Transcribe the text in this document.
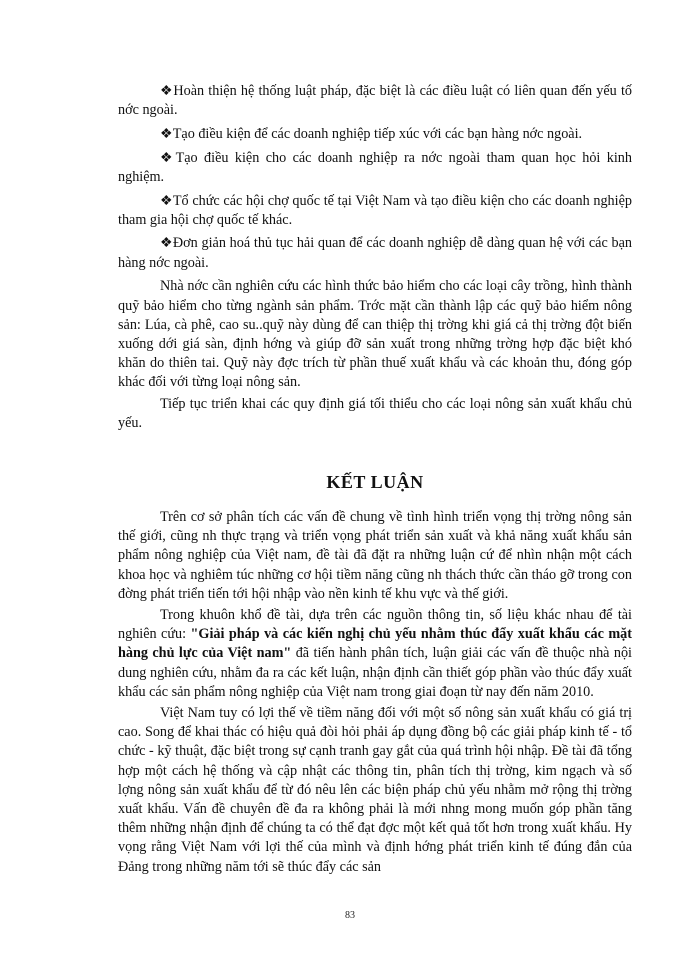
❖Hoàn thiện hệ thống luật pháp, đặc biệt là các điều luật có liên quan đến yếu tố nớc ngoài.

❖Tạo điều kiện để các doanh nghiệp tiếp xúc với các bạn hàng nớc ngoài.

❖Tạo điều kiện cho các doanh nghiệp ra nớc ngoài tham quan học hỏi kinh nghiệm.

❖Tổ chức các hội chợ quốc tế tại Việt Nam và tạo điều kiện cho các doanh nghiệp tham gia hội chợ quốc tế khác.

❖Đơn giản hoá thủ tục hải quan để các doanh nghiệp dễ dàng quan hệ với các bạn hàng nớc ngoài.

Nhà nớc cần nghiên cứu các hình thức bảo hiểm cho các loại cây trồng, hình thành quỹ bảo hiểm cho từng ngành sản phẩm. Trớc mặt cần thành lập các quỹ bảo hiểm nông sản: Lúa, cà phê, cao su..quỹ này dùng để can thiệp thị trờng khi giá cả thị trờng đột biến xuống dới giá sàn, định hớng và giúp đỡ sản xuất trong những trờng hợp đặc biệt khó khăn do thiên tai. Quỹ này đợc trích từ phần thuế xuất khẩu và các khoản thu, đóng góp khác đối với từng loại nông sản.

Tiếp tục triển khai các quy định giá tối thiểu cho các loại nông sản xuất khẩu chủ yếu.

KẾT LUẬN

Trên cơ sở phân tích các vấn đề chung về tình hình triển vọng thị trờng nông sản thế giới, cũng nh thực trạng và triển vọng phát triển sản xuất và khả năng xuất khẩu sản phẩm nông nghiệp của Việt nam, đề tài đã đặt ra những luận cứ để nhìn nhận một cách khoa học và nghiêm túc những cơ hội tiềm năng cũng nh thách thức cần tháo gỡ trong con đờng phát triển tiến tới hội nhập vào nền kinh tế khu vực và thế giới.

Trong khuôn khổ đề tài, dựa trên các nguồn thông tin, số liệu khác nhau để tài nghiên cứu: "Giải pháp và các kiến nghị chủ yếu nhằm thúc đẩy xuất khẩu các mặt hàng chủ lực của Việt nam" đã tiến hành phân tích, luận giải các vấn đề thuộc nhà nội dung nghiên cứu, nhằm đa ra các kết luận, nhận định cần thiết góp phần vào thúc đẩy xuất khẩu các sản phẩm nông nghiệp của Việt nam trong giai đoạn từ nay đến năm 2010.

Việt Nam tuy có lợi thế về tiềm năng đối với một số nông sản xuất khẩu có giá trị cao. Song để khai thác có hiệu quả đòi hỏi phải áp dụng đồng bộ các giải pháp kinh tế - tổ chức - kỹ thuật, đặc biệt trong sự cạnh tranh gay gắt của quá trình hội nhập. Đề tài đã tổng hợp một cách hệ thống và cập nhật các thông tin, phân tích thị trờng, kim ngạch và số lợng nông sản xuất khẩu để từ đó nêu lên các biện pháp chủ yếu nhằm mở rộng thị trờng xuất khẩu. Vấn đề chuyên đề đa ra không phải là mới nhng mong muốn góp phần tăng thêm những nhận định để chúng ta có thể đạt đợc một kết quả tốt hơn trong xuất khẩu. Hy vọng rằng Việt Nam với lợi thế của mình và định hớng phát triển kinh tế đúng đắn của Đảng trong những năm tới sẽ thúc đẩy các sản

83
